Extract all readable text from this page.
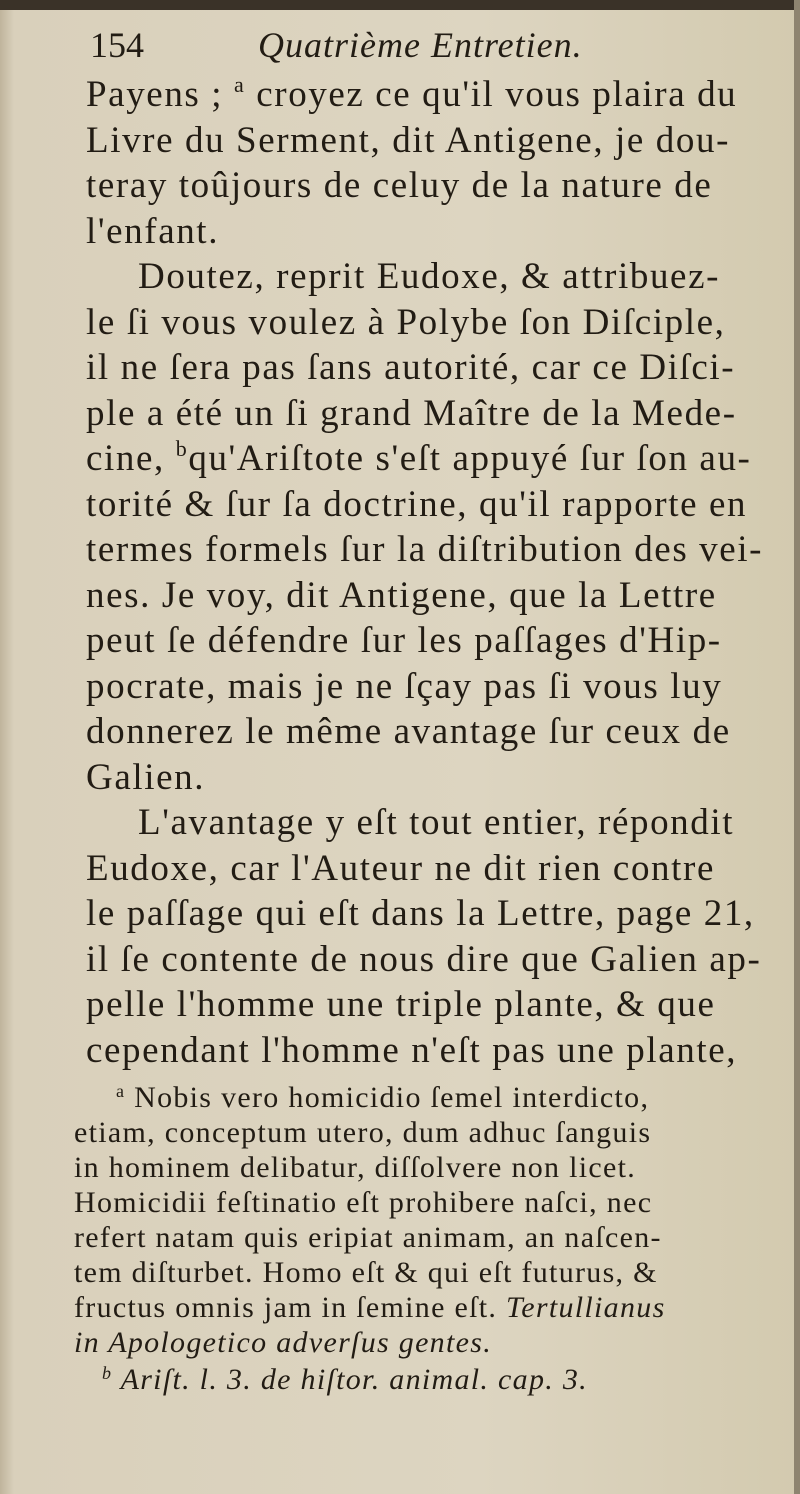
154	Quatrième Entretien.
Payens ; $^a$ croyez ce qu'il vous plaira du
Livre du Serment, dit Antigene, je dou-
teray toûjours de celuy de la nature de
l'enfant.
Doutez, reprit Eudoxe, & attribuez-
le ſi vous voulez à Polybe ſon Diſciple,
il ne ſera pas ſans autorité, car ce Diſci-
ple a été un ſi grand Maître de la Mede-
cine, $^b$qu'Ariſtote s'eſt appuyé ſur ſon au-
torité & ſur ſa doctrine, qu'il rapporte en
termes formels ſur la diſtribution des vei-
nes. Je voy, dit Antigene, que la Lettre
peut ſe défendre ſur les paſſages d'Hip-
pocrate, mais je ne ſçay pas ſi vous luy
donnerez le même avantage ſur ceux de
Galien.
L'avantage y eſt tout entier, répondit
Eudoxe, car l'Auteur ne dit rien contre
le paſſage qui eſt dans la Lettre, page 21,
il ſe contente de nous dire que Galien ap-
pelle l'homme une triple plante, & que
cependant l'homme n'eſt pas une plante,
$^a$ Nobis vero homicidio ſemel interdicto,
etiam, conceptum utero, dum adhuc ſanguis
in hominem delibatur, diſſolvere non licet.
Homicidii feſtinatio eſt prohibere naſci, nec
refert natam quis eripiat animam, an naſcen-
tem diſturbet. Homo eſt & qui eſt futurus, &
fructus omnis jam in ſemine eſt. Tertullianus
in Apologetico adverſus gentes.
$^b$ Ariſt. l. 3. de hiſtor. animal. cap. 3.
